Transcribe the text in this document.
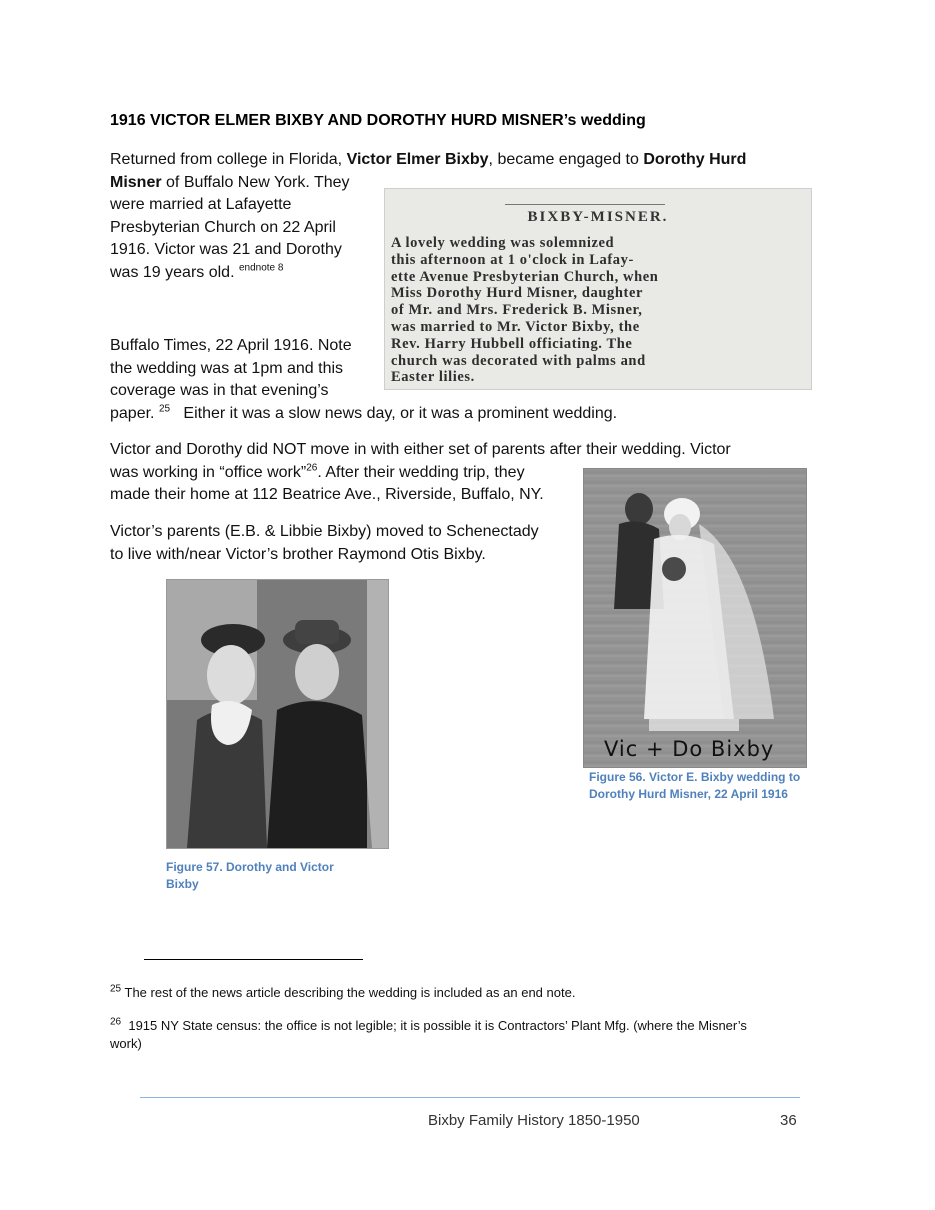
1916 VICTOR ELMER BIXBY AND DOROTHY HURD MISNER’s wedding
Returned from college in Florida, Victor Elmer Bixby, became engaged to Dorothy Hurd
Misner of Buffalo New York. They
were married at Lafayette
Presbyterian Church on 22 April
1916. Victor was 21 and Dorothy
was 19 years old. $^{endnote 8}$
BIXBY-MISNER.
A lovely wedding was solemnized
this afternoon at 1 o'clock in Lafay-
ette Avenue Presbyterian Church, when
Miss Dorothy Hurd Misner, daughter
of Mr. and Mrs. Frederick B. Misner,
was married to Mr. Victor Bixby, the
Rev. Harry Hubbell officiating. The
church was decorated with palms and
Easter lilies.
Buffalo Times, 22 April 1916. Note
the wedding was at 1pm and this
coverage was in that evening’s
paper. $^{25}$   Either it was a slow news day, or it was a prominent wedding.
Victor and Dorothy did NOT move in with either set of parents after their wedding. Victor
was working in “office work”$^{26}$. After their wedding trip, they
made their home at 112 Beatrice Ave., Riverside, Buffalo, NY.
Victor’s parents (E.B. & Libbie Bixby) moved to Schenectady
to live with/near Victor’s brother Raymond Otis Bixby.
Figure 57. Dorothy and Victor
Bixby
Vic + Do Bixby
Figure 56. Victor E. Bixby wedding to
Dorothy Hurd Misner, 22 April 1916
$^{25}$ The rest of the news article describing the wedding is included as an end note.
$^{26}$  1915 NY State census: the office is not legible; it is possible it is Contractors’ Plant Mfg. (where the Misner’s
work)
Bixby Family History 1850-1950	36
